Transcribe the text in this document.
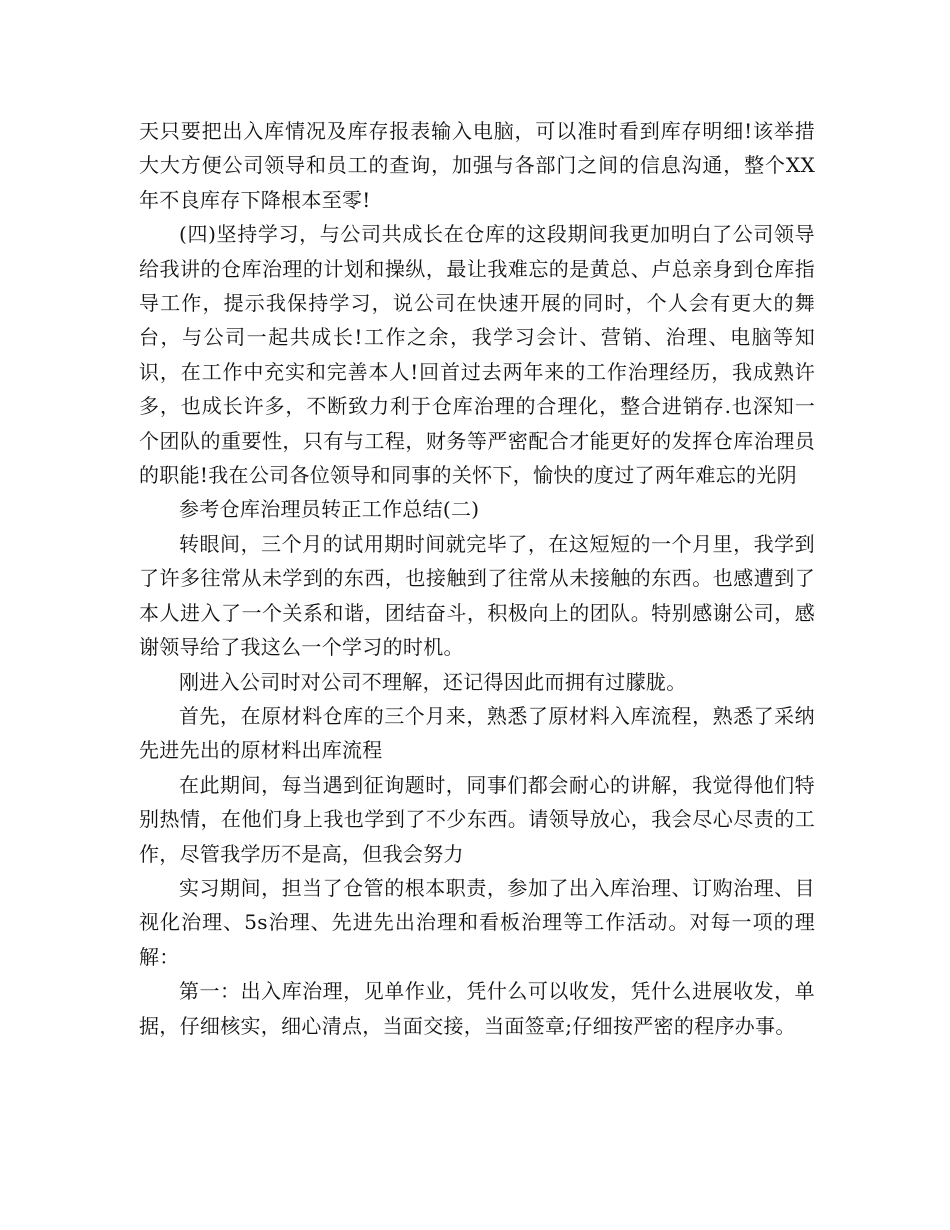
天只要把出入库情况及库存报表输入电脑，可以准时看到库存明细!该举措大大方便公司领导和员工的查询，加强与各部门之间的信息沟通，整个XX年不良库存下降根本至零!

(四)坚持学习，与公司共成长在仓库的这段期间我更加明白了公司领导给我讲的仓库治理的计划和操纵，最让我难忘的是黄总、卢总亲身到仓库指导工作，提示我保持学习，说公司在快速开展的同时，个人会有更大的舞台，与公司一起共成长!工作之余，我学习会计、营销、治理、电脑等知识，在工作中充实和完善本人!回首过去两年来的工作治理经历，我成熟许多，也成长许多，不断致力利于仓库治理的合理化，整合进销存.也深知一个团队的重要性，只有与工程，财务等严密配合才能更好的发挥仓库治理员的职能!我在公司各位领导和同事的关怀下，愉快的度过了两年难忘的光阴

参考仓库治理员转正工作总结(二)

转眼间，三个月的试用期时间就完毕了，在这短短的一个月里，我学到了许多往常从未学到的东西，也接触到了往常从未接触的东西。也感遭到了本人进入了一个关系和谐，团结奋斗，积极向上的团队。特别感谢公司，感谢领导给了我这么一个学习的时机。

刚进入公司时对公司不理解，还记得因此而拥有过朦胧。

首先，在原材料仓库的三个月来，熟悉了原材料入库流程，熟悉了采纳先进先出的原材料出库流程

在此期间，每当遇到征询题时，同事们都会耐心的讲解，我觉得他们特别热情，在他们身上我也学到了不少东西。请领导放心，我会尽心尽责的工作，尽管我学历不是高，但我会努力

实习期间，担当了仓管的根本职责，参加了出入库治理、订购治理、目视化治理、5s治理、先进先出治理和看板治理等工作活动。对每一项的理解：

第一：出入库治理，见单作业，凭什么可以收发，凭什么进展收发，单据，仔细核实，细心清点，当面交接，当面签章;仔细按严密的程序办事。
